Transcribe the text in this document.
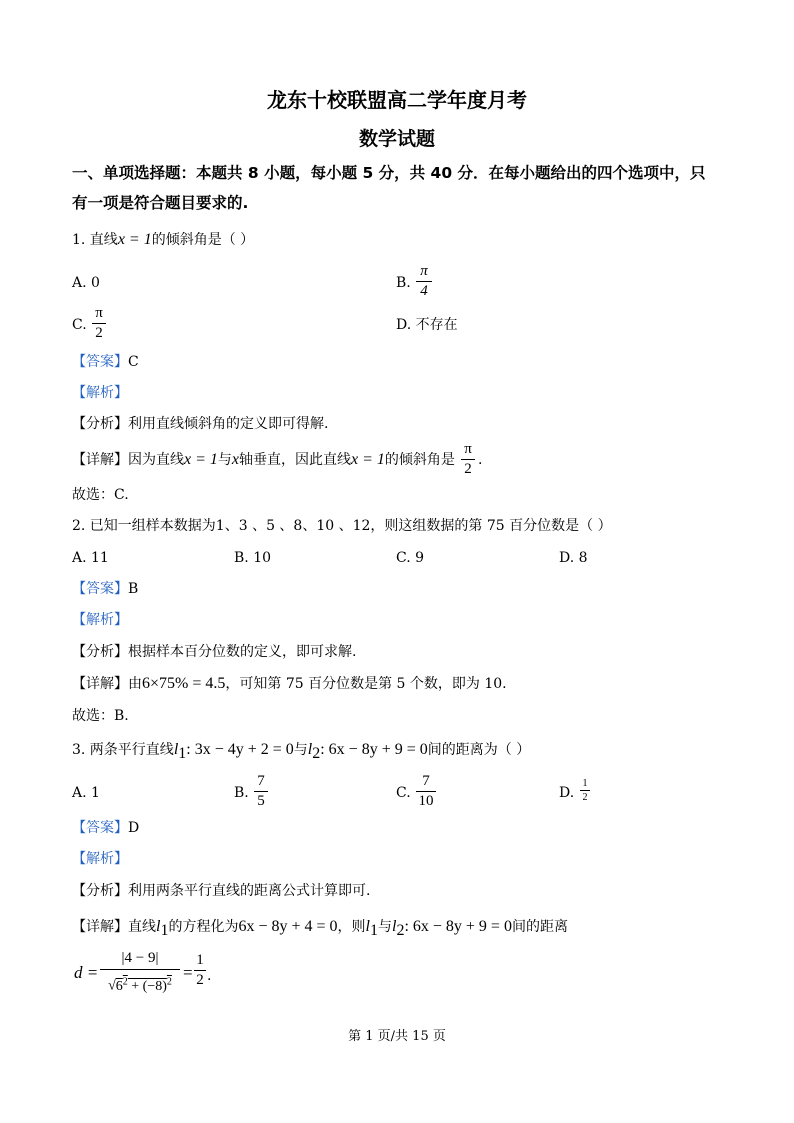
龙东十校联盟高二学年度月考
数学试题
一、单项选择题：本题共 8 小题，每小题 5 分，共 40 分．在每小题给出的四个选项中，只
有一项是符合题目要求的.
1. 直线x = 1的倾斜角是（ ）
A. 0	B.
π
4
C.
π
2	D. 不存在
【答案】C
【解析】
【分析】利用直线倾斜角的定义即可得解.
【详解】因为直线x = 1与x轴垂直，因此直线x = 1的倾斜角是
π
2
.
故选：C.
2. 已知一组样本数据为1、3 、5 、8、10 、12，则这组数据的第 75 百分位数是（ ）
A. 11	B. 10	C. 9	D. 8
【答案】B
【解析】
【分析】根据样本百分位数的定义，即可求解.
【详解】由6×75% = 4.5，可知第 75 百分位数是第 5 个数，即为 10.
故选：B.
3. 两条平行直线$l_1$: 3x − 4y + 2 = 0与$l_2$: 6x − 8y + 9 = 0间的距离为（ ）
A. 1	B.
7
5	C.
7
10	D.
1
2
【答案】D
【解析】
【分析】利用两条平行直线的距离公式计算即可.
【详解】直线$l_1$的方程化为6x − 8y + 4 = 0，则$l_1$与$l_2$: 6x − 8y + 9 = 0间的距离
d =
|4 − 9|
$√6^2 + (-8)^2$ =
1
2 .
第 1 页/共 15 页
